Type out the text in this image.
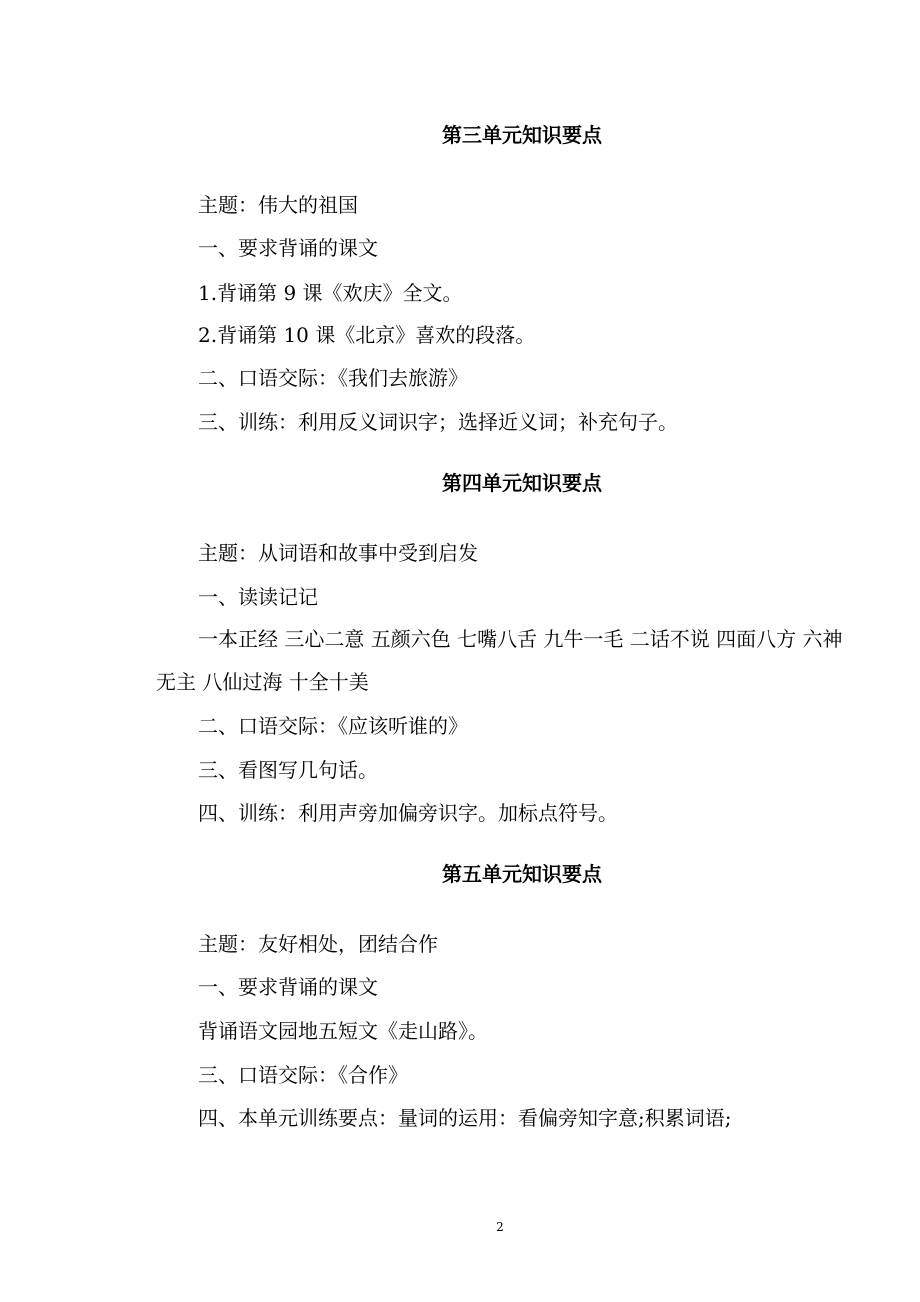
第三单元知识要点

主题：伟大的祖国

一、要求背诵的课文

1.背诵第 9 课《欢庆》全文。

2.背诵第 10 课《北京》喜欢的段落。

二、口语交际：《我们去旅游》

三、训练：利用反义词识字；选择近义词；补充句子。

第四单元知识要点

主题：从词语和故事中受到启发

一、读读记记

一本正经 三心二意 五颜六色 七嘴八舌 九牛一毛 二话不说 四面八方 六神无主 八仙过海 十全十美

二、口语交际：《应该听谁的》

三、看图写几句话。

四、训练：利用声旁加偏旁识字。加标点符号。

第五单元知识要点

主题：友好相处，团结合作

一、要求背诵的课文

背诵语文园地五短文《走山路》。

三、口语交际：《合作》

四、本单元训练要点：量词的运用：看偏旁知字意;积累词语;

2
